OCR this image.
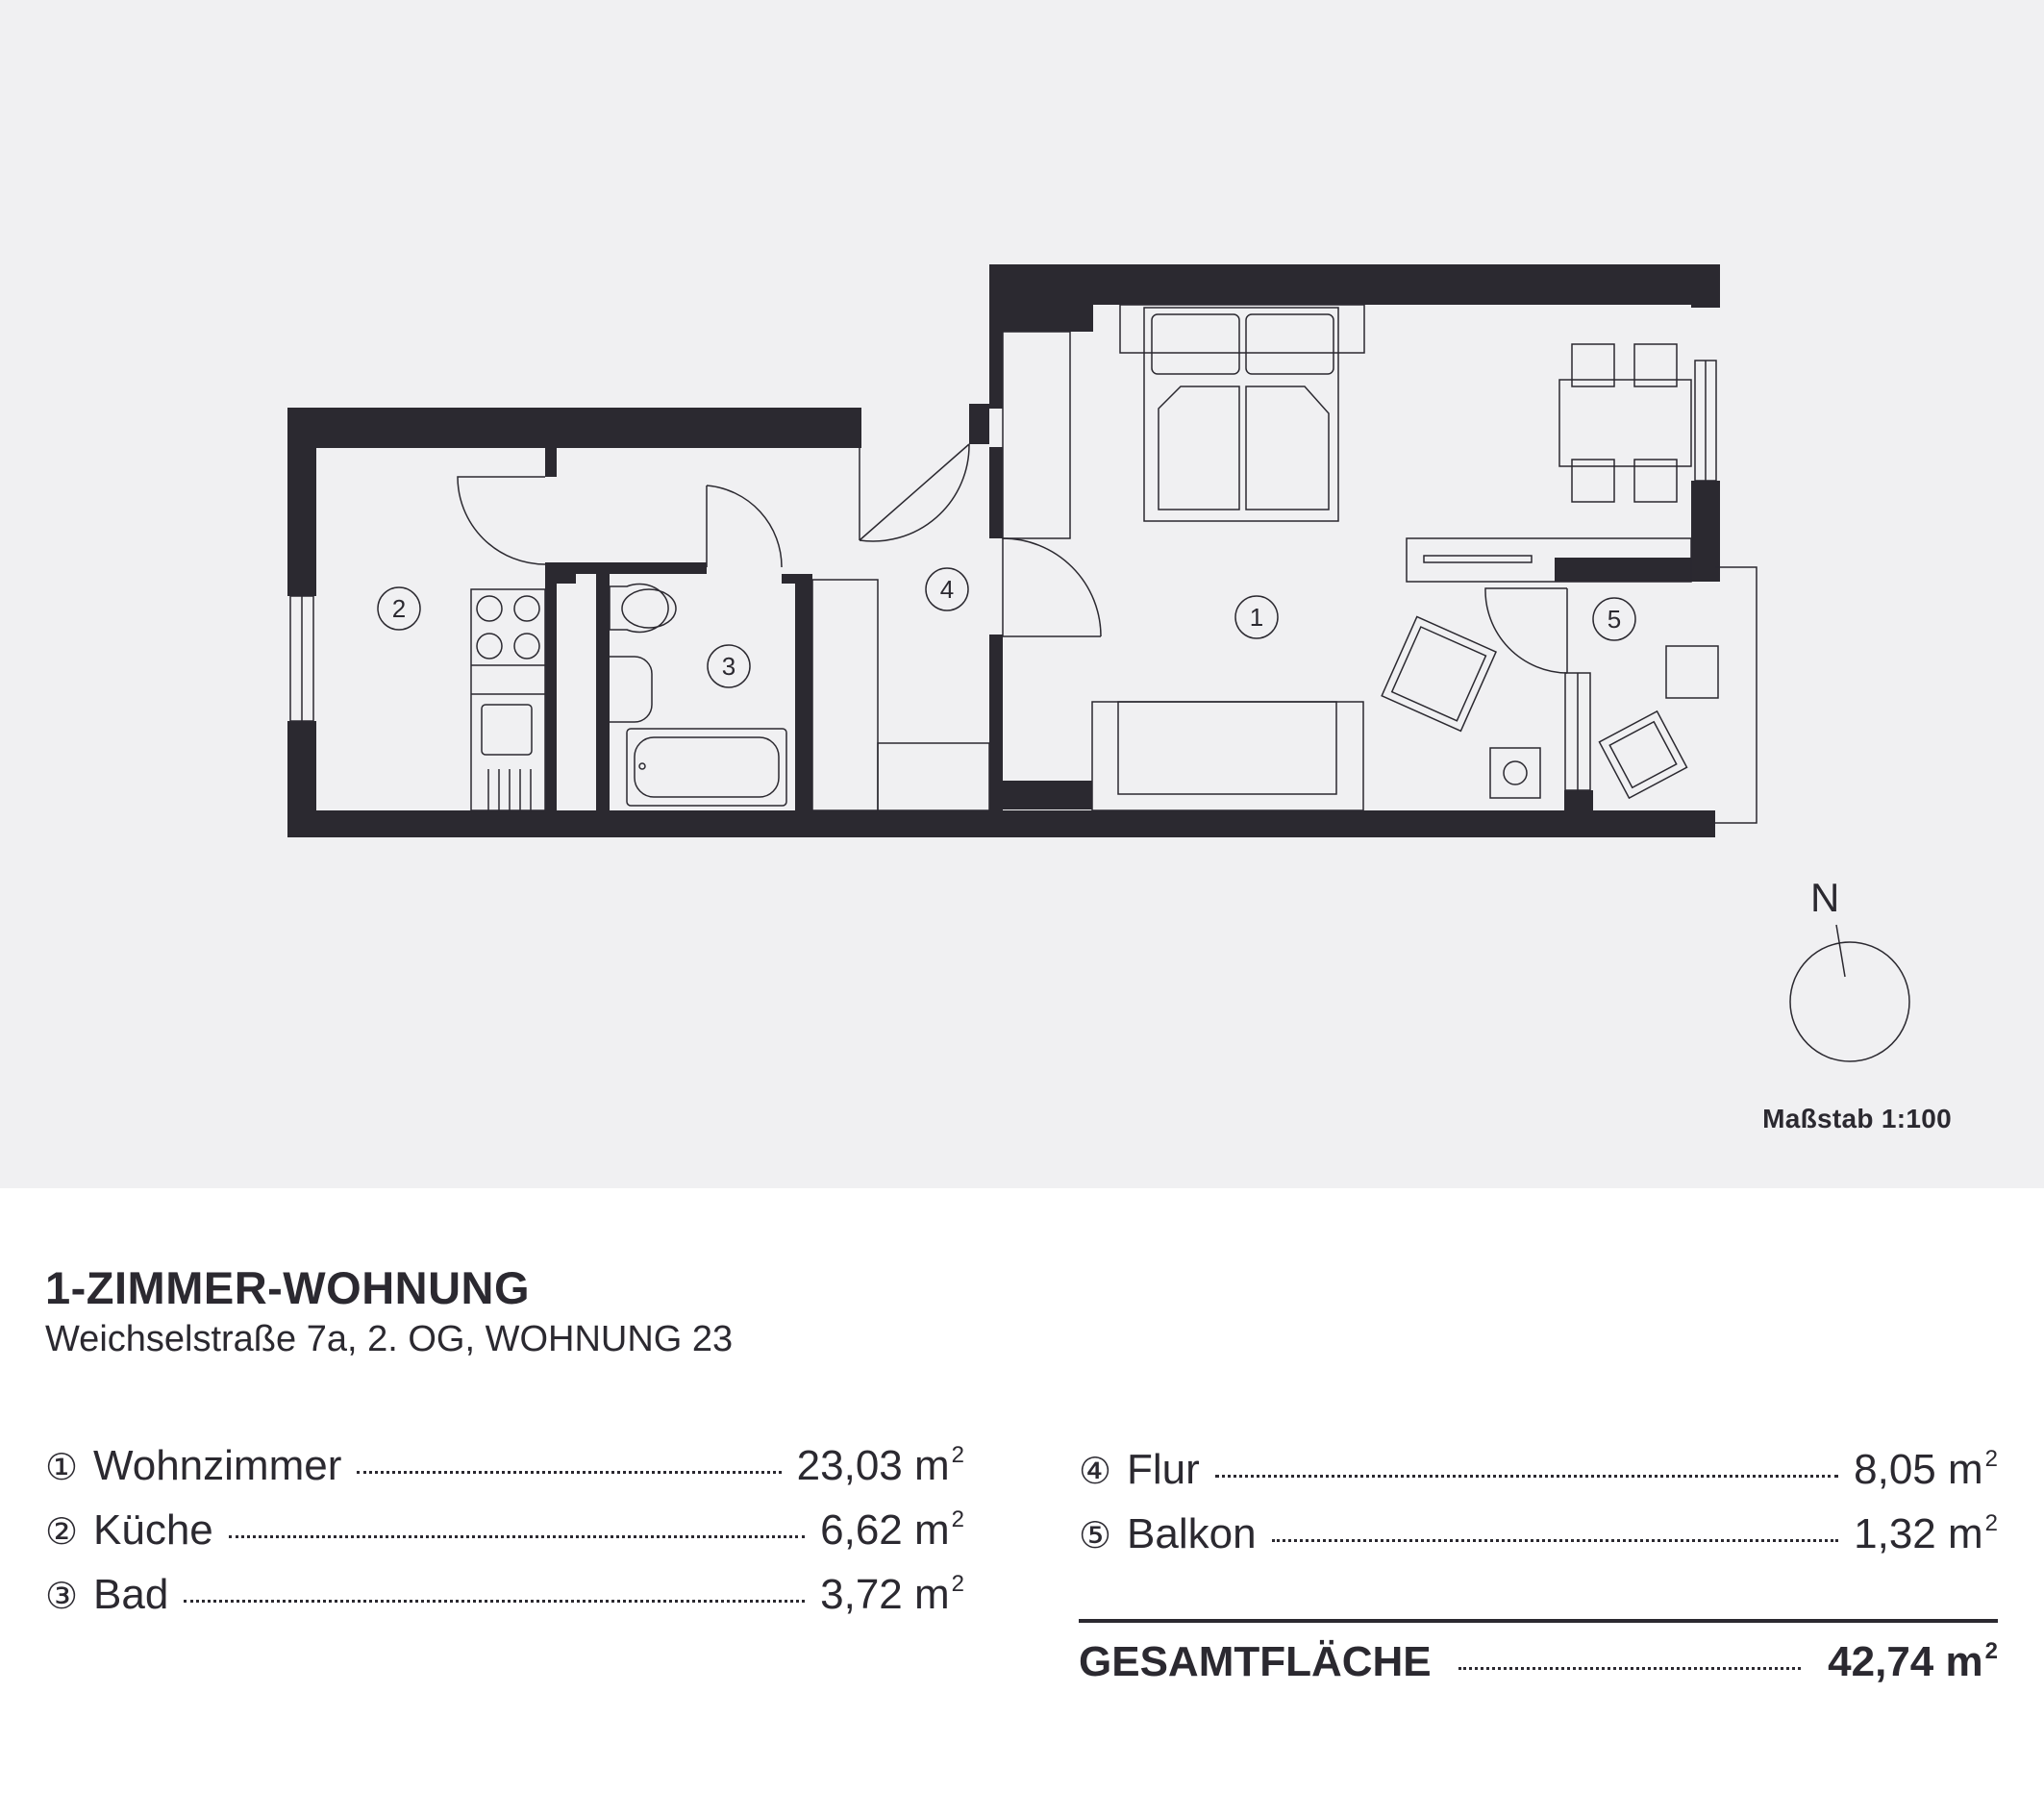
1
2
3
4
5
N
Maßstab 1:100
1-ZIMMER-WOHNUNG
Weichselstraße 7a, 2. OG, WOHNUNG 23
① Wohnzimmer	23,03 $m^2$
② Küche	6,62 $m^2$
③ Bad	3,72 $m^2$
④ Flur	8,05 $m^2$
⑤ Balkon	1,32 $m^2$
GESAMTFLÄCHE	42,74 $m^2$
